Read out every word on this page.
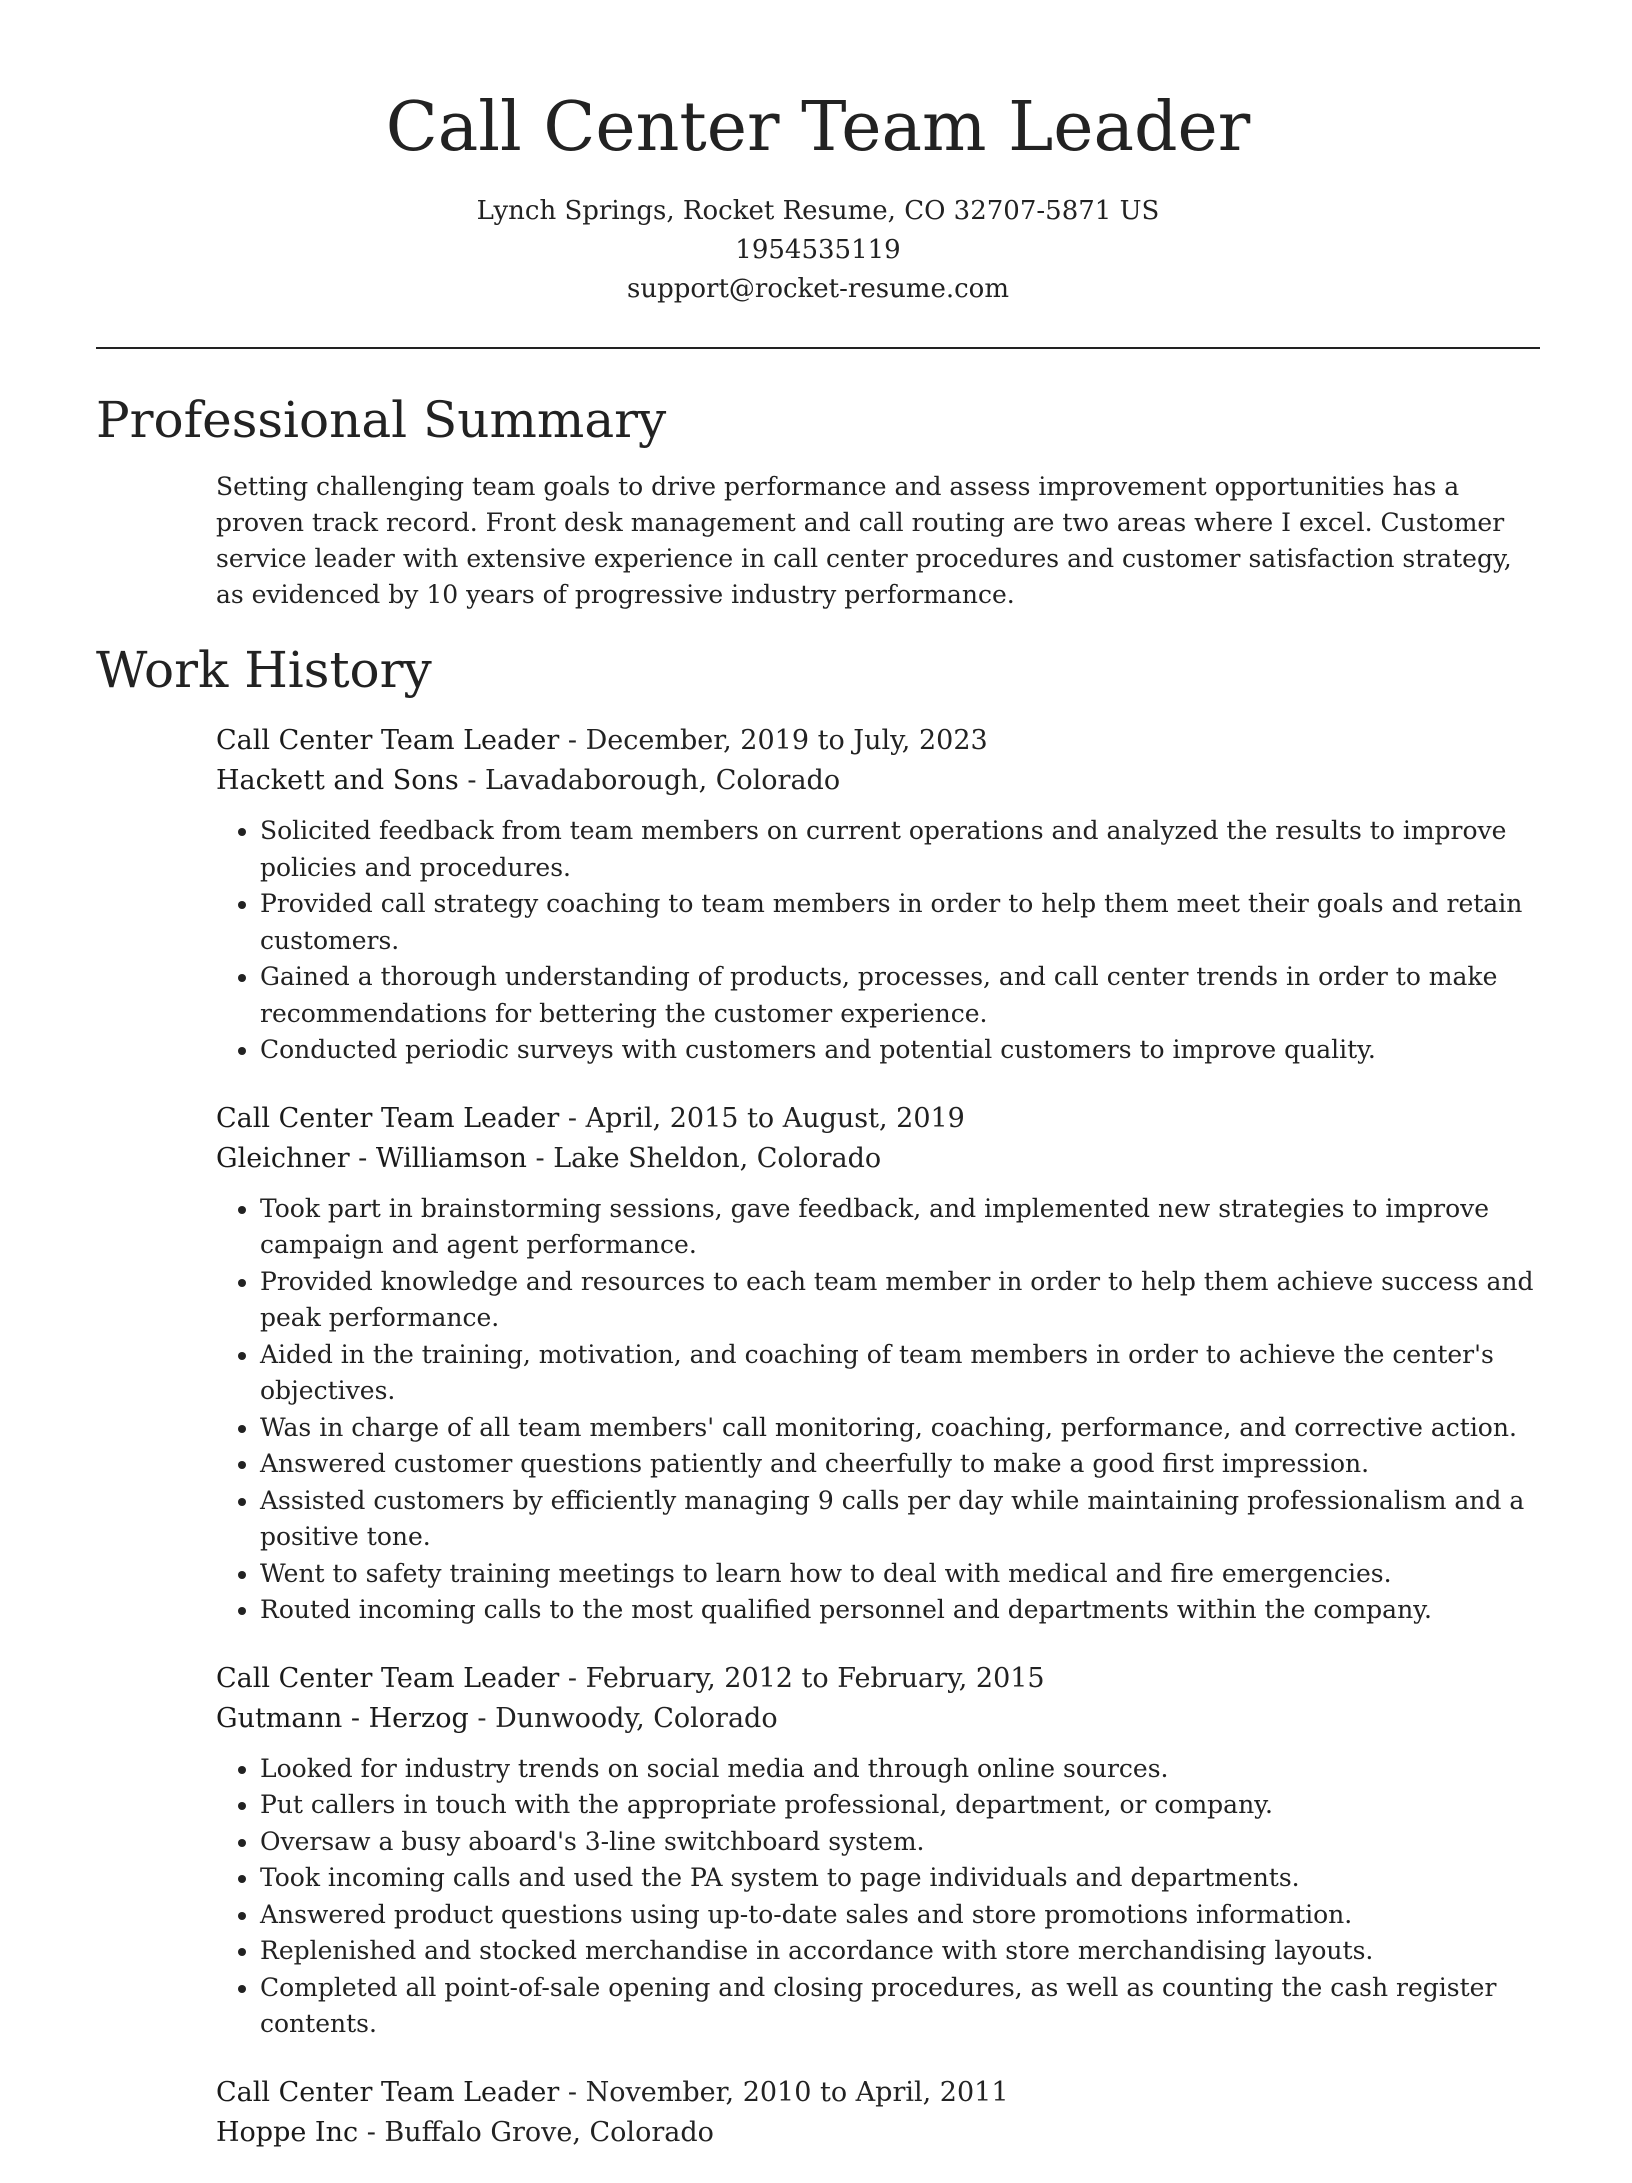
Call Center Team Leader
Lynch Springs, Rocket Resume, CO 32707-5871 US
1954535119
support@rocket-resume.com
Professional Summary

Setting challenging team goals to drive performance and assess improvement opportunities has a proven track record. Front desk management and call routing are two areas where I excel. Customer service leader with extensive experience in call center procedures and customer satisfaction strategy, as evidenced by 10 years of progressive industry performance.

Work History
Call Center Team Leader - December, 2019 to July, 2023
Hackett and Sons - Lavadaborough, Colorado
• Solicited feedback from team members on current operations and analyzed the results to improve policies and procedures.
• Provided call strategy coaching to team members in order to help them meet their goals and retain customers.
• Gained a thorough understanding of products, processes, and call center trends in order to make recommendations for bettering the customer experience.
• Conducted periodic surveys with customers and potential customers to improve quality.
Call Center Team Leader - April, 2015 to August, 2019
Gleichner - Williamson - Lake Sheldon, Colorado
• Took part in brainstorming sessions, gave feedback, and implemented new strategies to improve campaign and agent performance.
• Provided knowledge and resources to each team member in order to help them achieve success and peak performance.
• Aided in the training, motivation, and coaching of team members in order to achieve the center's objectives.
• Was in charge of all team members' call monitoring, coaching, performance, and corrective action.
• Answered customer questions patiently and cheerfully to make a good first impression.
• Assisted customers by efficiently managing 9 calls per day while maintaining professionalism and a positive tone.
• Went to safety training meetings to learn how to deal with medical and fire emergencies.
• Routed incoming calls to the most qualified personnel and departments within the company.
Call Center Team Leader - February, 2012 to February, 2015
Gutmann - Herzog - Dunwoody, Colorado
• Looked for industry trends on social media and through online sources.
• Put callers in touch with the appropriate professional, department, or company.
• Oversaw a busy aboard's 3-line switchboard system.
• Took incoming calls and used the PA system to page individuals and departments.
• Answered product questions using up-to-date sales and store promotions information.
• Replenished and stocked merchandise in accordance with store merchandising layouts.
• Completed all point-of-sale opening and closing procedures, as well as counting the cash register contents.
Call Center Team Leader - November, 2010 to April, 2011
Hoppe Inc - Buffalo Grove, Colorado
